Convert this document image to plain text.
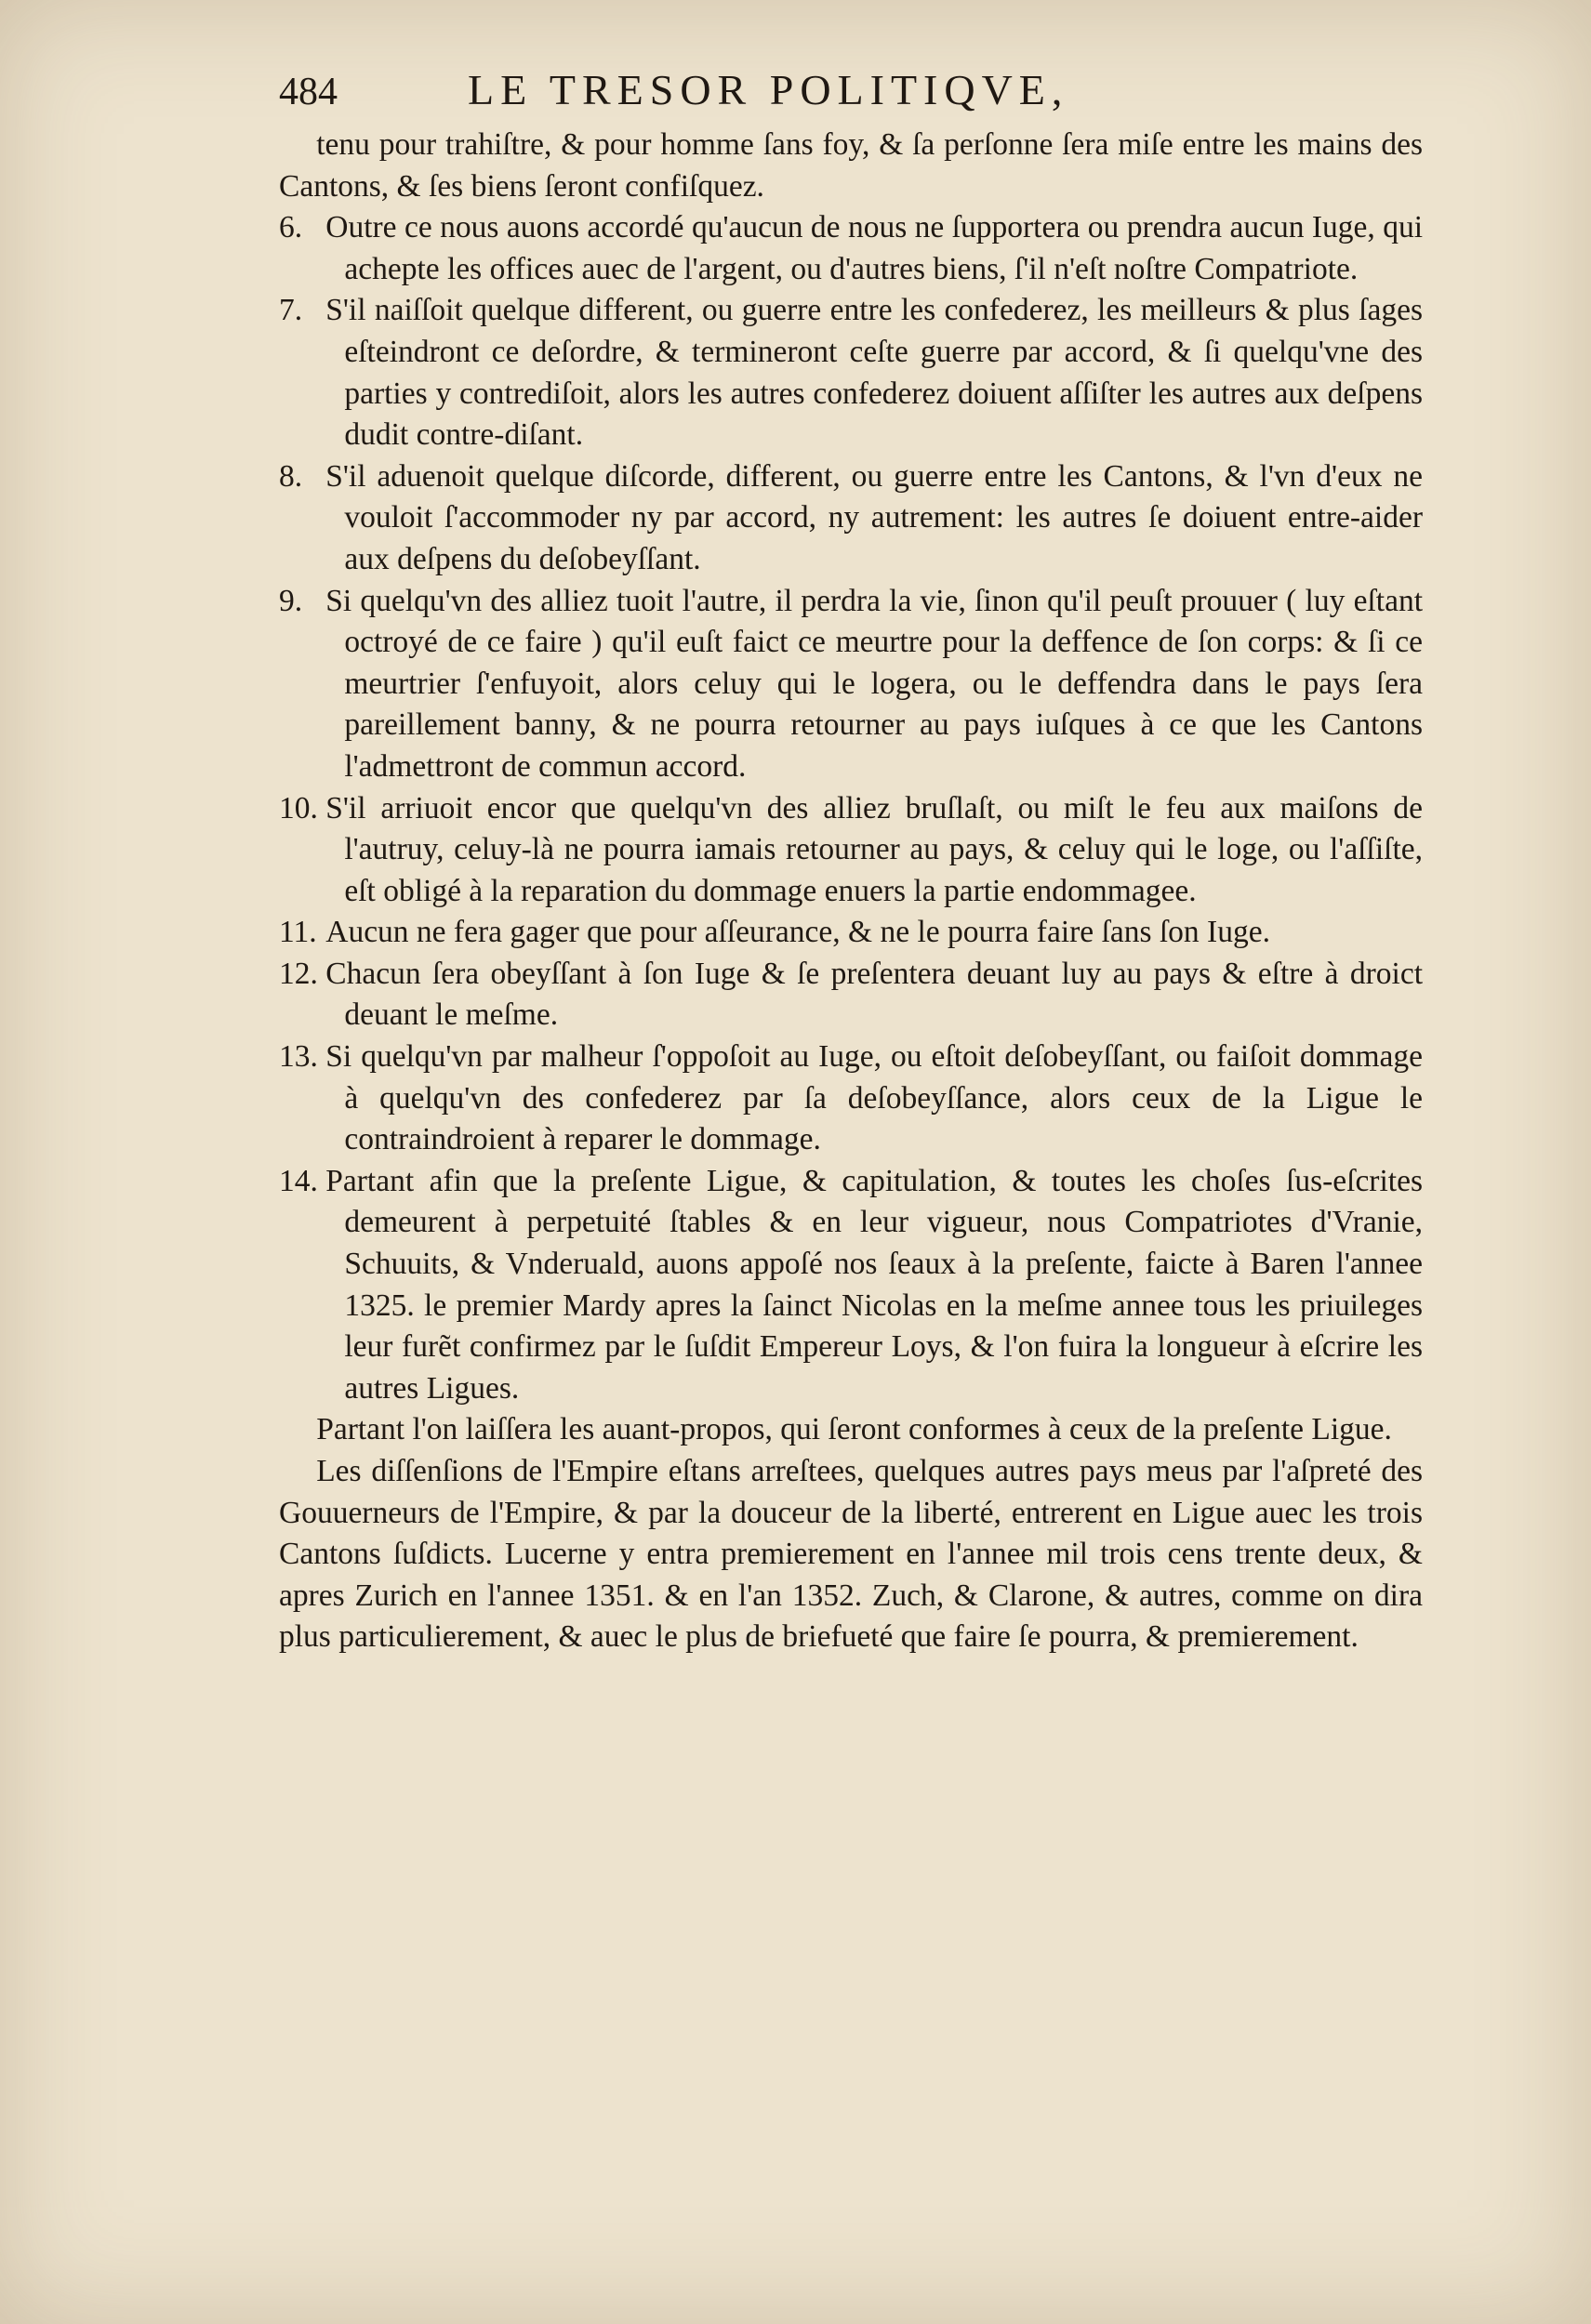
484	LE TRESOR POLITIQVE,

tenu pour trahiſtre, & pour homme ſans foy, & ſa perſonne ſera miſe entre les mains des Cantons, & ſes biens ſeront confiſquez.

6. Outre ce nous auons accordé qu'aucun de nous ne ſupportera ou prendra aucun Iuge, qui achepte les offices auec de l'argent, ou d'autres biens, ſ'il n'eſt noſtre Compatriote.

7. S'il naiſſoit quelque different, ou guerre entre les confederez, les meilleurs & plus ſages eſteindront ce deſordre, & termineront ceſte guerre par accord, & ſi quelqu'vne des parties y contrediſoit, alors les autres confederez doiuent aſſiſter les autres aux deſpens dudit contre-diſant.

8. S'il aduenoit quelque diſcorde, different, ou guerre entre les Cantons, & l'vn d'eux ne vouloit ſ'accommoder ny par accord, ny autrement: les autres ſe doiuent entre-aider aux deſpens du deſobeyſſant.

9. Si quelqu'vn des alliez tuoit l'autre, il perdra la vie, ſinon qu'il peuſt prouuer ( luy eſtant octroyé de ce faire ) qu'il euſt faict ce meurtre pour la deffence de ſon corps: & ſi ce meurtrier ſ'enfuyoit, alors celuy qui le logera, ou le deffendra dans le pays ſera pareillement banny, & ne pourra retourner au pays iuſques à ce que les Cantons l'admettront de commun accord.

10. S'il arriuoit encor que quelqu'vn des alliez bruſlaſt, ou miſt le feu aux maiſons de l'autruy, celuy-là ne pourra iamais retourner au pays, & celuy qui le loge, ou l'aſſiſte, eſt obligé à la reparation du dommage enuers la partie endommagee.

11. Aucun ne fera gager que pour aſſeurance, & ne le pourra faire ſans ſon Iuge.

12. Chacun ſera obeyſſant à ſon Iuge & ſe preſentera deuant luy au pays & eſtre à droict deuant le meſme.

13. Si quelqu'vn par malheur ſ'oppoſoit au Iuge, ou eſtoit deſobeyſſant, ou faiſoit dommage à quelqu'vn des confederez par ſa deſobeyſſance, alors ceux de la Ligue le contraindroient à reparer le dommage.

14. Partant afin que la preſente Ligue, & capitulation, & toutes les choſes ſus-eſcrites demeurent à perpetuité ſtables & en leur vigueur, nous Compatriotes d'Vranie, Schuuits, & Vnderuald, auons appoſé nos ſeaux à la preſente, faicte à Baren l'annee 1325. le premier Mardy apres la ſainct Nicolas en la meſme annee tous les priuileges leur furẽt confirmez par le ſuſdit Empereur Loys, & l'on fuira la longueur à eſcrire les autres Ligues.

Partant l'on laiſſera les auant-propos, qui ſeront conformes à ceux de la preſente Ligue.

Les diſſenſions de l'Empire eſtans arreſtees, quelques autres pays meus par l'aſpreté des Gouuerneurs de l'Empire, & par la douceur de la liberté, entrerent en Ligue auec les trois Cantons ſuſdicts. Lucerne y entra premierement en l'annee mil trois cens trente deux, & apres Zurich en l'annee 1351. & en l'an 1352. Zuch, & Clarone, & autres, comme on dira plus particulierement, & auec le plus de briefueté que faire ſe pourra, & premierement.
